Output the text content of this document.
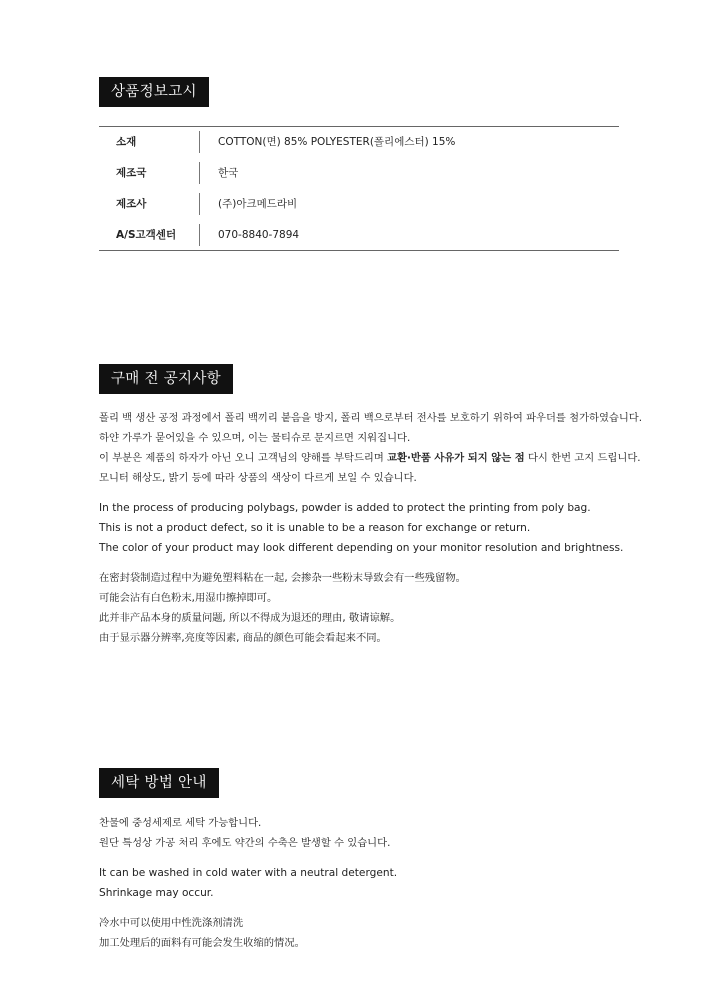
상품정보고시
소재	COTTON(면) 85% POLYESTER(폴리에스터) 15%
제조국	한국
제조사	(주)아크메드라비
A/S고객센터	070-8840-7894
구매 전 공지사항

폴리 백 생산 공정 과정에서 폴리 백끼리 붙음을 방지, 폴리 백으로부터 전사를 보호하기 위하여 파우더를 첨가하였습니다.

하얀 가루가 묻어있을 수 있으며, 이는 물티슈로 문지르면 지워집니다.

이 부분은 제품의 하자가 아닌 오니 고객님의 양해를 부탁드리며 교환·반품 사유가 되지 않는 점 다시 한번 고지 드립니다.

모니터 해상도, 밝기 등에 따라 상품의 색상이 다르게 보일 수 있습니다.

In the process of producing polybags, powder is added to protect the printing from poly bag.

This is not a product defect, so it is unable to be a reason for exchange or return.

The color of your product may look different depending on your monitor resolution and brightness.

在密封袋制造过程中为避免塑料粘在一起, 会掺杂一些粉末导致会有一些残留物。

可能会沾有白色粉末,用湿巾擦掉即可。

此并非产品本身的质量问题, 所以不得成为退还的理由, 敬请谅解。

由于显示器分辨率,亮度等因素, 商品的颜色可能会看起来不同。

세탁 방법 안내

찬물에 중성세제로 세탁 가능합니다.

원단 특성상 가공 처리 후에도 약간의 수축은 발생할 수 있습니다.

It can be washed in cold water with a neutral detergent.

Shrinkage may occur.

冷水中可以使用中性洗涤剂清洗

加工处理后的面料有可能会发生收缩的情况。
